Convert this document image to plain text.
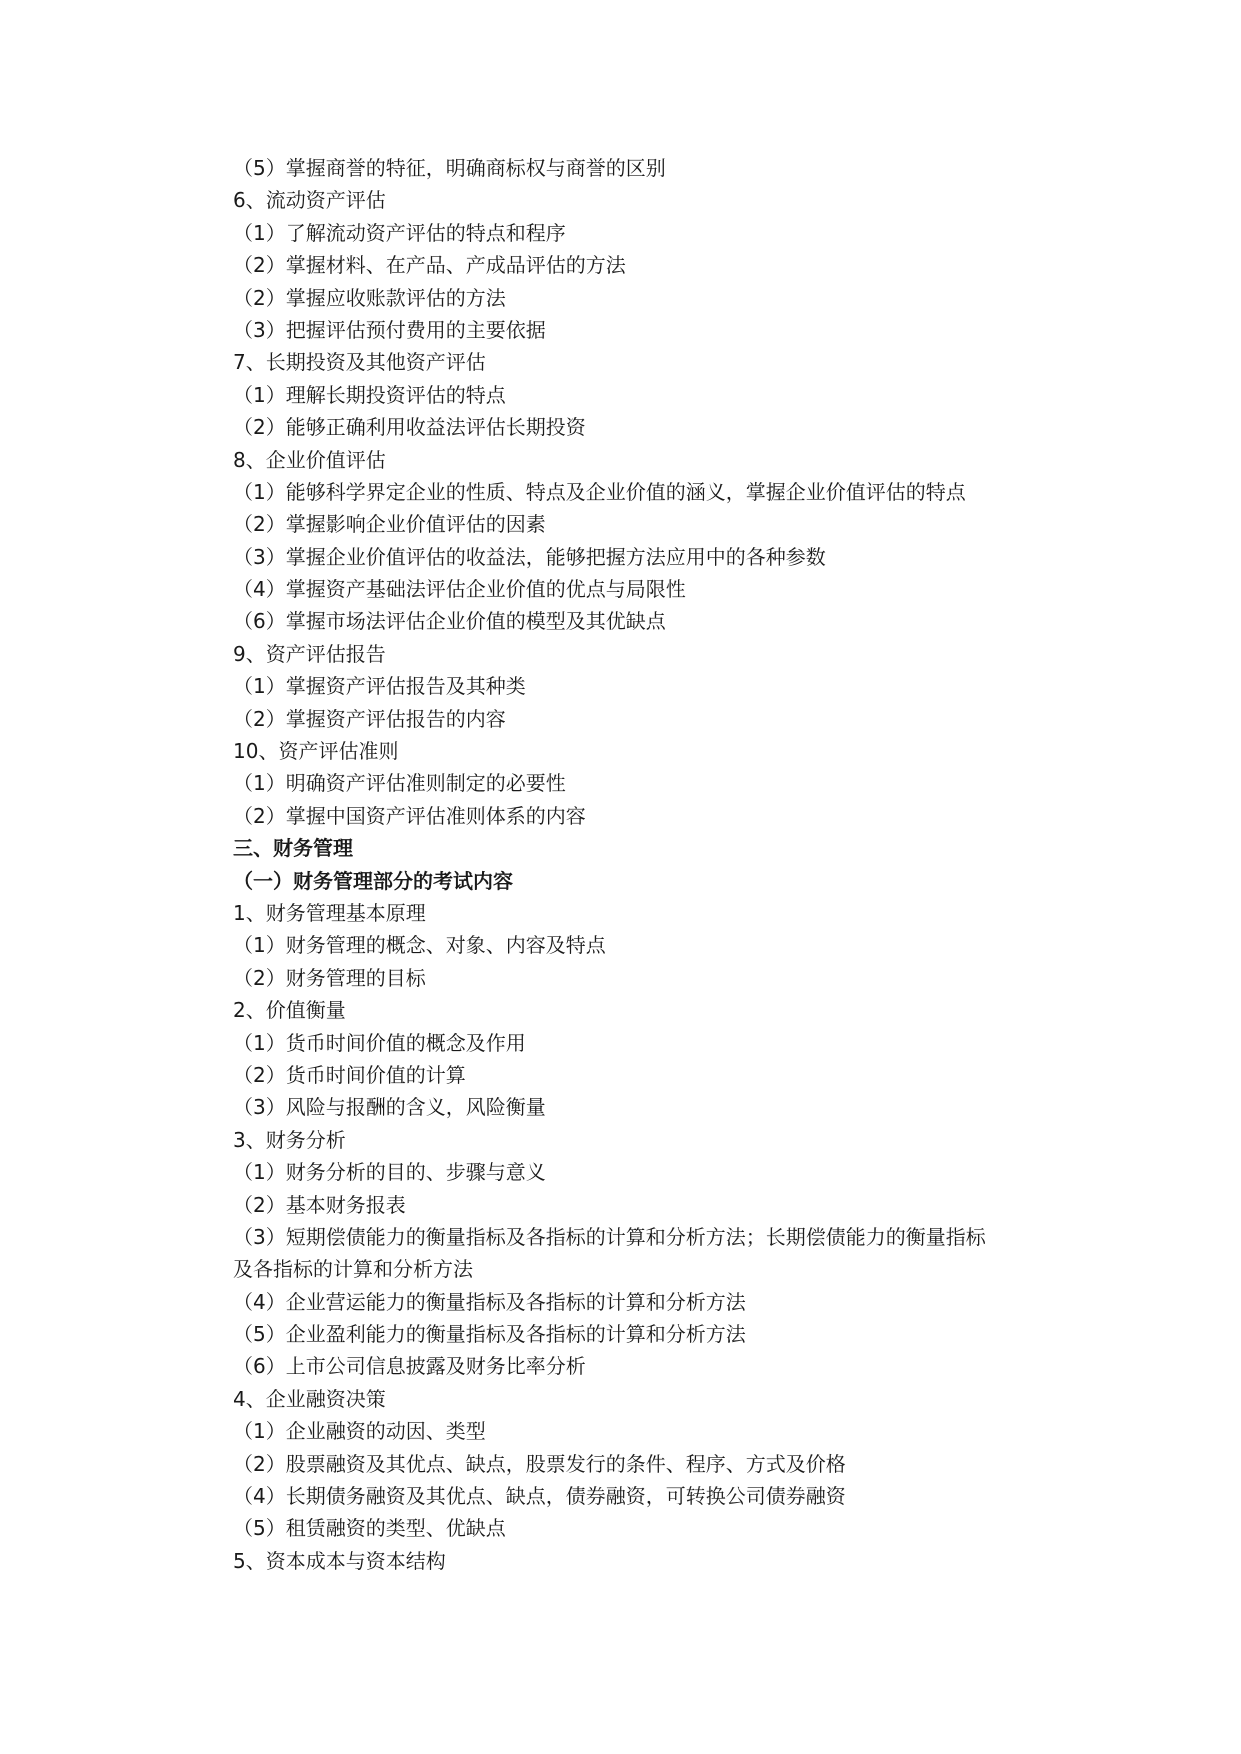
（5）掌握商誉的特征，明确商标权与商誉的区别
6、流动资产评估
（1）了解流动资产评估的特点和程序
（2）掌握材料、在产品、产成品评估的方法
（2）掌握应收账款评估的方法
（3）把握评估预付费用的主要依据
7、长期投资及其他资产评估
（1）理解长期投资评估的特点
（2）能够正确利用收益法评估长期投资
8、企业价值评估
（1）能够科学界定企业的性质、特点及企业价值的涵义，掌握企业价值评估的特点
（2）掌握影响企业价值评估的因素
（3）掌握企业价值评估的收益法，能够把握方法应用中的各种参数
（4）掌握资产基础法评估企业价值的优点与局限性
（6）掌握市场法评估企业价值的模型及其优缺点
9、资产评估报告
（1）掌握资产评估报告及其种类
（2）掌握资产评估报告的内容
10、资产评估准则
（1）明确资产评估准则制定的必要性
（2）掌握中国资产评估准则体系的内容
三、财务管理
（一）财务管理部分的考试内容
1、财务管理基本原理
（1）财务管理的概念、对象、内容及特点
（2）财务管理的目标
2、价值衡量
（1）货币时间价值的概念及作用
（2）货币时间价值的计算
（3）风险与报酬的含义，风险衡量
3、财务分析
（1）财务分析的目的、步骤与意义
（2）基本财务报表
（3）短期偿债能力的衡量指标及各指标的计算和分析方法；长期偿债能力的衡量指标
及各指标的计算和分析方法
（4）企业营运能力的衡量指标及各指标的计算和分析方法
（5）企业盈利能力的衡量指标及各指标的计算和分析方法
（6）上市公司信息披露及财务比率分析
4、企业融资决策
（1）企业融资的动因、类型
（2）股票融资及其优点、缺点，股票发行的条件、程序、方式及价格
（4）长期债务融资及其优点、缺点，债券融资，可转换公司债券融资
（5）租赁融资的类型、优缺点
5、资本成本与资本结构
